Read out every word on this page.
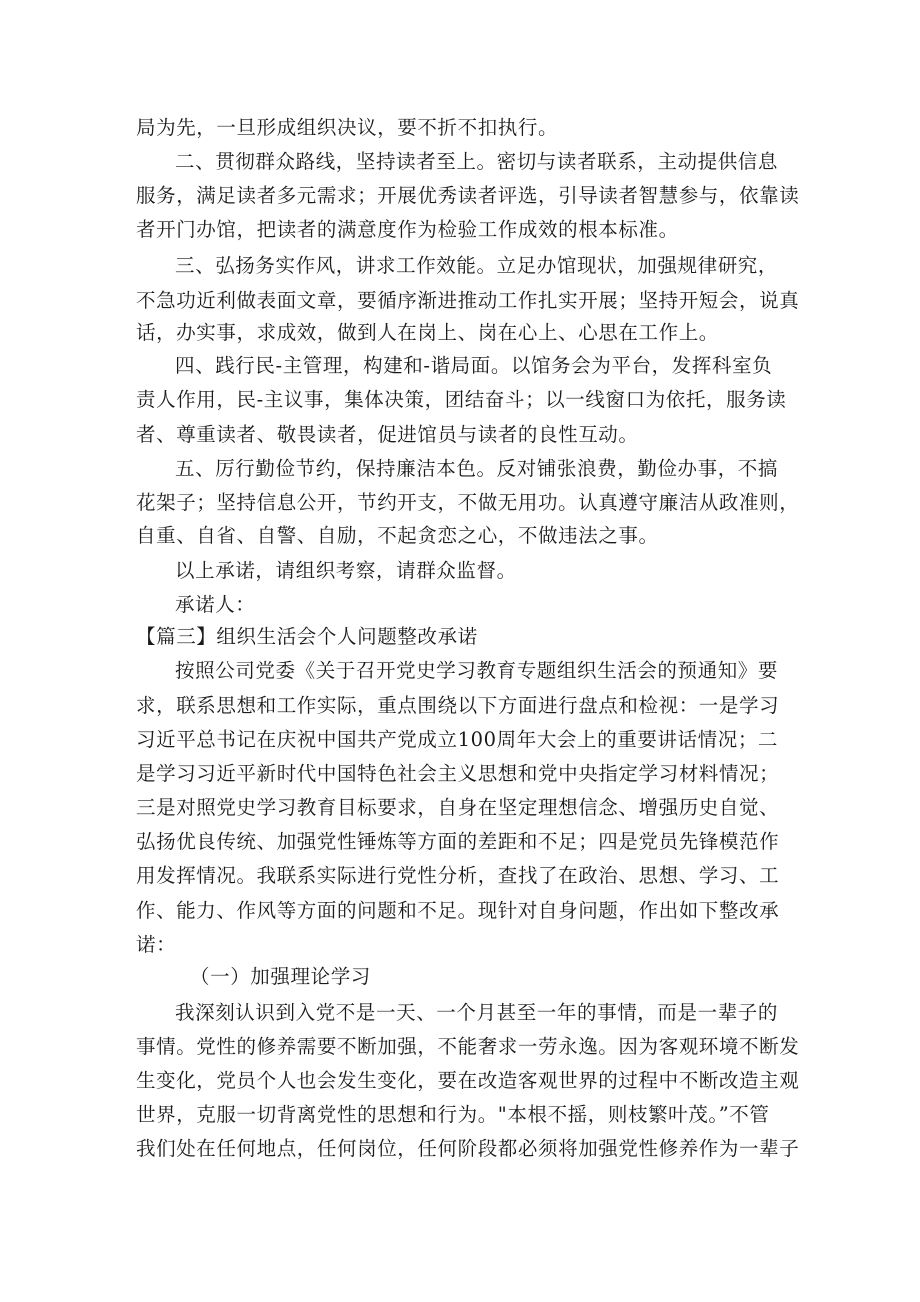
局为先，一旦形成组织决议，要不折不扣执行。
二、贯彻群众路线，坚持读者至上。密切与读者联系，主动提供信息
服务，满足读者多元需求；开展优秀读者评选，引导读者智慧参与，依靠读
者开门办馆，把读者的满意度作为检验工作成效的根本标准。
三、弘扬务实作风，讲求工作效能。立足办馆现状，加强规律研究，
不急功近利做表面文章，要循序渐进推动工作扎实开展；坚持开短会，说真
话，办实事，求成效，做到人在岗上、岗在心上、心思在工作上。
四、践行民-主管理，构建和-谐局面。以馆务会为平台，发挥科室负
责人作用，民-主议事，集体决策，团结奋斗；以一线窗口为依托，服务读
者、尊重读者、敬畏读者，促进馆员与读者的良性互动。
五、厉行勤俭节约，保持廉洁本色。反对铺张浪费，勤俭办事，不搞
花架子；坚持信息公开，节约开支，不做无用功。认真遵守廉洁从政准则，
自重、自省、自警、自励，不起贪恋之心，不做违法之事。
以上承诺，请组织考察，请群众监督。
承诺人：
【篇三】组织生活会个人问题整改承诺
按照公司党委《关于召开党史学习教育专题组织生活会的预通知》要
求，联系思想和工作实际，重点围绕以下方面进行盘点和检视：一是学习
习近平总书记在庆祝中国共产党成立100周年大会上的重要讲话情况；二
是学习习近平新时代中国特色社会主义思想和党中央指定学习材料情况；
三是对照党史学习教育目标要求，自身在坚定理想信念、增强历史自觉、
弘扬优良传统、加强党性锤炼等方面的差距和不足；四是党员先锋模范作
用发挥情况。我联系实际进行党性分析，查找了在政治、思想、学习、工
作、能力、作风等方面的问题和不足。现针对自身问题，作出如下整改承
诺：
（一）加强理论学习
我深刻认识到入党不是一天、一个月甚至一年的事情，而是一辈子的
事情。党性的修养需要不断加强，不能奢求一劳永逸。因为客观环境不断发
生变化，党员个人也会发生变化，要在改造客观世界的过程中不断改造主观
世界，克服一切背离党性的思想和行为。"本根不摇，则枝繁叶茂。”不管
我们处在任何地点，任何岗位，任何阶段都必须将加强党性修养作为一辈子
